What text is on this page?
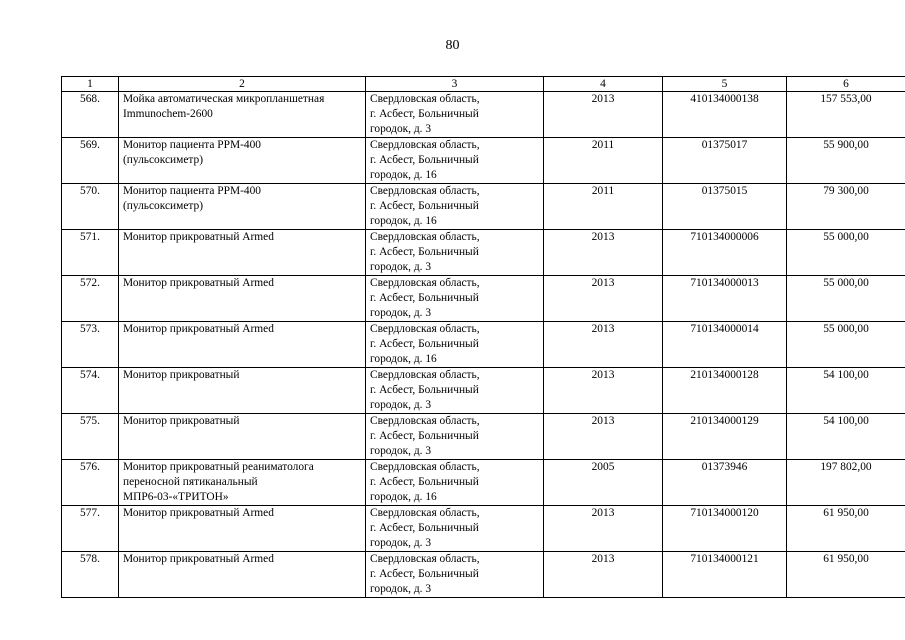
80
1	2	3	4	5	6
568.	Мойка автоматическая микропланшетная
Immunochem-2600	Свердловская область,
г. Асбест, Больничный
городок, д. 3	2013	410134000138	157 553,00
569.	Монитор пациента РРМ-400
(пульсоксиметр)	Свердловская область,
г. Асбест, Больничный
городок, д. 16	2011	01375017	55 900,00
570.	Монитор пациента РРМ-400
(пульсоксиметр)	Свердловская область,
г. Асбест, Больничный
городок, д. 16	2011	01375015	79 300,00
571.	Монитор прикроватный Armed	Свердловская область,
г. Асбест, Больничный
городок, д. 3	2013	710134000006	55 000,00
572.	Монитор прикроватный Armed	Свердловская область,
г. Асбест, Больничный
городок, д. 3	2013	710134000013	55 000,00
573.	Монитор прикроватный Armed	Свердловская область,
г. Асбест, Больничный
городок, д. 16	2013	710134000014	55 000,00
574.	Монитор прикроватный	Свердловская область,
г. Асбест, Больничный
городок, д. 3	2013	210134000128	54 100,00
575.	Монитор прикроватный	Свердловская область,
г. Асбест, Больничный
городок, д. 3	2013	210134000129	54 100,00
576.	Монитор прикроватный реаниматолога
переносной пятиканальный
МПР6-03-«ТРИТОН»	Свердловская область,
г. Асбест, Больничный
городок, д. 16	2005	01373946	197 802,00
577.	Монитор прикроватный Armed	Свердловская область,
г. Асбест, Больничный
городок, д. 3	2013	710134000120	61 950,00
578.	Монитор прикроватный Armed	Свердловская область,
г. Асбест, Больничный
городок, д. 3	2013	710134000121	61 950,00
